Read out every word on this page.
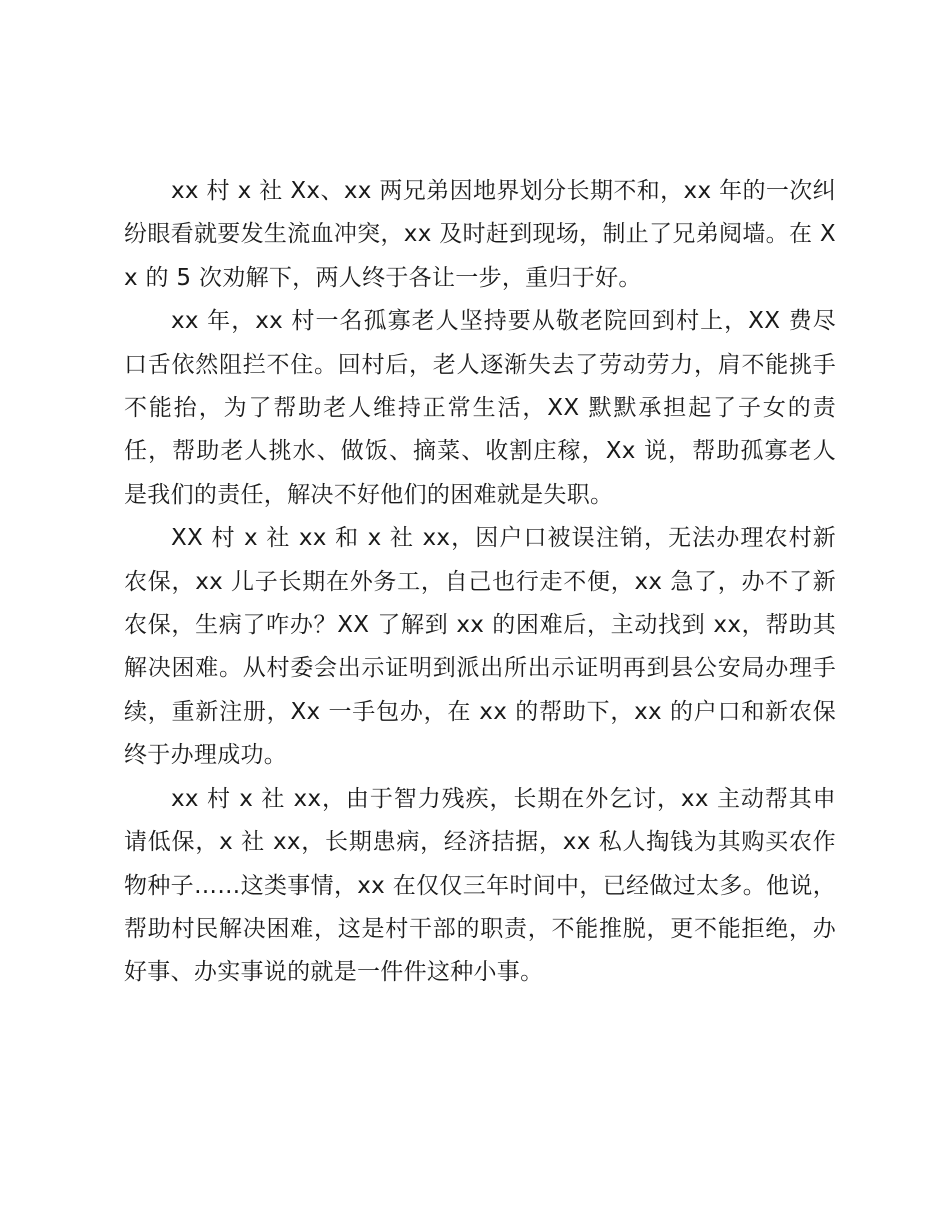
xx 村 x 社 Xx、xx 两兄弟因地界划分长期不和，xx 年的一次纠纷眼看就要发生流血冲突，xx 及时赶到现场，制止了兄弟阋墙。在 Xx 的 5 次劝解下，两人终于各让一步，重归于好。

xx 年，xx 村一名孤寡老人坚持要从敬老院回到村上，XX 费尽口舌依然阻拦不住。回村后，老人逐渐失去了劳动劳力，肩不能挑手不能抬，为了帮助老人维持正常生活，XX 默默承担起了子女的责任，帮助老人挑水、做饭、摘菜、收割庄稼，Xx 说，帮助孤寡老人是我们的责任，解决不好他们的困难就是失职。

XX 村 x 社 xx 和 x 社 xx，因户口被误注销，无法办理农村新农保，xx 儿子长期在外务工，自己也行走不便，xx 急了，办不了新农保，生病了咋办？XX 了解到 xx 的困难后，主动找到 xx，帮助其解决困难。从村委会出示证明到派出所出示证明再到县公安局办理手续，重新注册，Xx 一手包办，在 xx 的帮助下，xx 的户口和新农保终于办理成功。

xx 村 x 社 xx，由于智力残疾，长期在外乞讨，xx 主动帮其申请低保，x 社 xx，长期患病，经济拮据，xx 私人掏钱为其购买农作物种子……这类事情，xx 在仅仅三年时间中，已经做过太多。他说，帮助村民解决困难，这是村干部的职责，不能推脱，更不能拒绝，办好事、办实事说的就是一件件这种小事。
